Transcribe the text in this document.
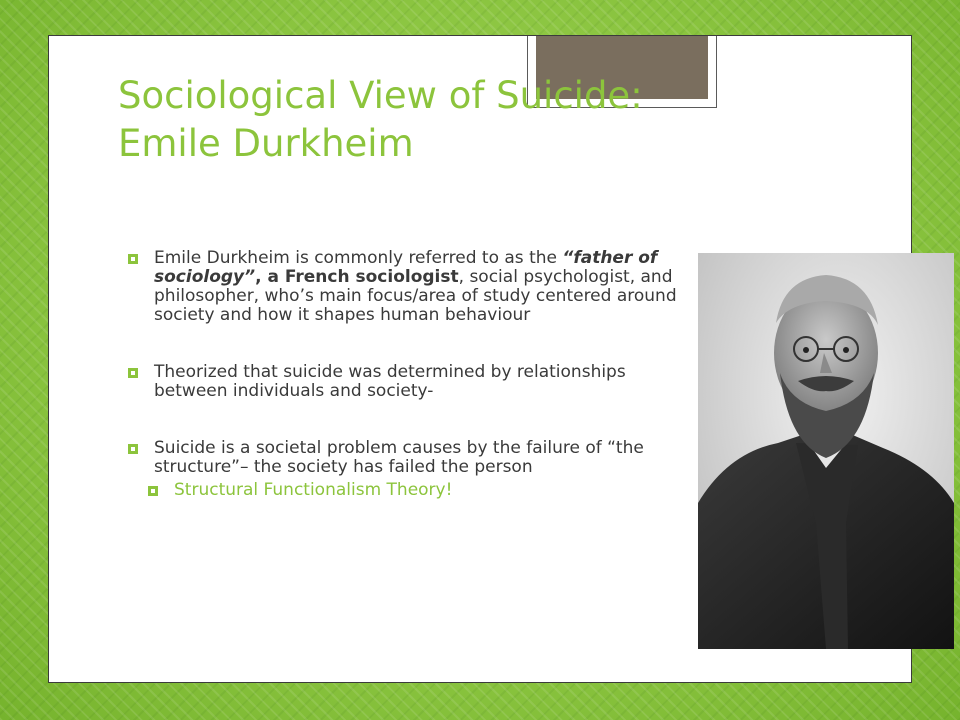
Sociological View of Suicide:
Emile Durkheim
Emile Durkheim is commonly referred to as the “father of sociology”, a French sociologist, social psychologist, and philosopher, who’s main focus/area of study centered around society and how it shapes human behaviour
Theorized that suicide was determined by relationships between individuals and society-
Suicide is a societal problem causes by the failure of “the structure”– the society has failed the person
Structural Functionalism Theory!
